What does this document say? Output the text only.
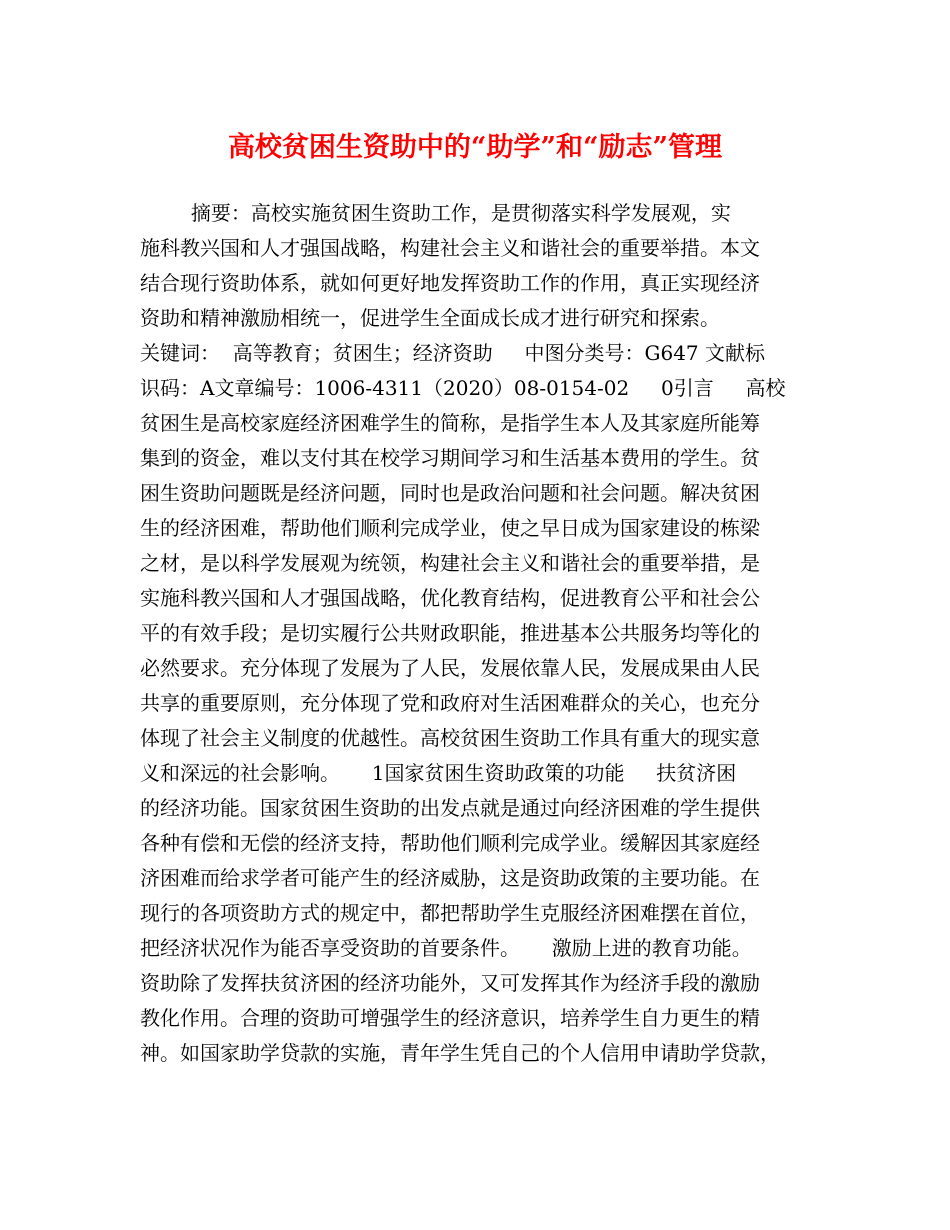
高校贫困生资助中的“助学”和“励志”管理
摘要：高校实施贫困生资助工作，是贯彻落实科学发展观，实
施科教兴国和人才强国战略，构建社会主义和谐社会的重要举措。本文
结合现行资助体系，就如何更好地发挥资助工作的作用，真正实现经济
资助和精神激励相统一，促进学生全面成长成才进行研究和探索。
关键词：  高等教育；贫困生；经济资助     中图分类号：G647 文献标
识码：A文章编号：1006-4311（2020）08-0154-02     0引言     高校
贫困生是高校家庭经济困难学生的简称，是指学生本人及其家庭所能筹
集到的资金，难以支付其在校学习期间学习和生活基本费用的学生。贫
困生资助问题既是经济问题，同时也是政治问题和社会问题。解决贫困
生的经济困难，帮助他们顺利完成学业，使之早日成为国家建设的栋梁
之材，是以科学发展观为统领，构建社会主义和谐社会的重要举措，是
实施科教兴国和人才强国战略，优化教育结构，促进教育公平和社会公
平的有效手段；是切实履行公共财政职能，推进基本公共服务均等化的
必然要求。充分体现了发展为了人民，发展依靠人民，发展成果由人民
共享的重要原则，充分体现了党和政府对生活困难群众的关心，也充分
体现了社会主义制度的优越性。高校贫困生资助工作具有重大的现实意
义和深远的社会影响。     1国家贫困生资助政策的功能     扶贫济困
的经济功能。国家贫困生资助的出发点就是通过向经济困难的学生提供
各种有偿和无偿的经济支持，帮助他们顺利完成学业。缓解因其家庭经
济困难而给求学者可能产生的经济威胁，这是资助政策的主要功能。在
现行的各项资助方式的规定中，都把帮助学生克服经济困难摆在首位，
把经济状况作为能否享受资助的首要条件。     激励上进的教育功能。
资助除了发挥扶贫济困的经济功能外，又可发挥其作为经济手段的激励
教化作用。合理的资助可增强学生的经济意识，培养学生自力更生的精
神。如国家助学贷款的实施，青年学生凭自己的个人信用申请助学贷款，
